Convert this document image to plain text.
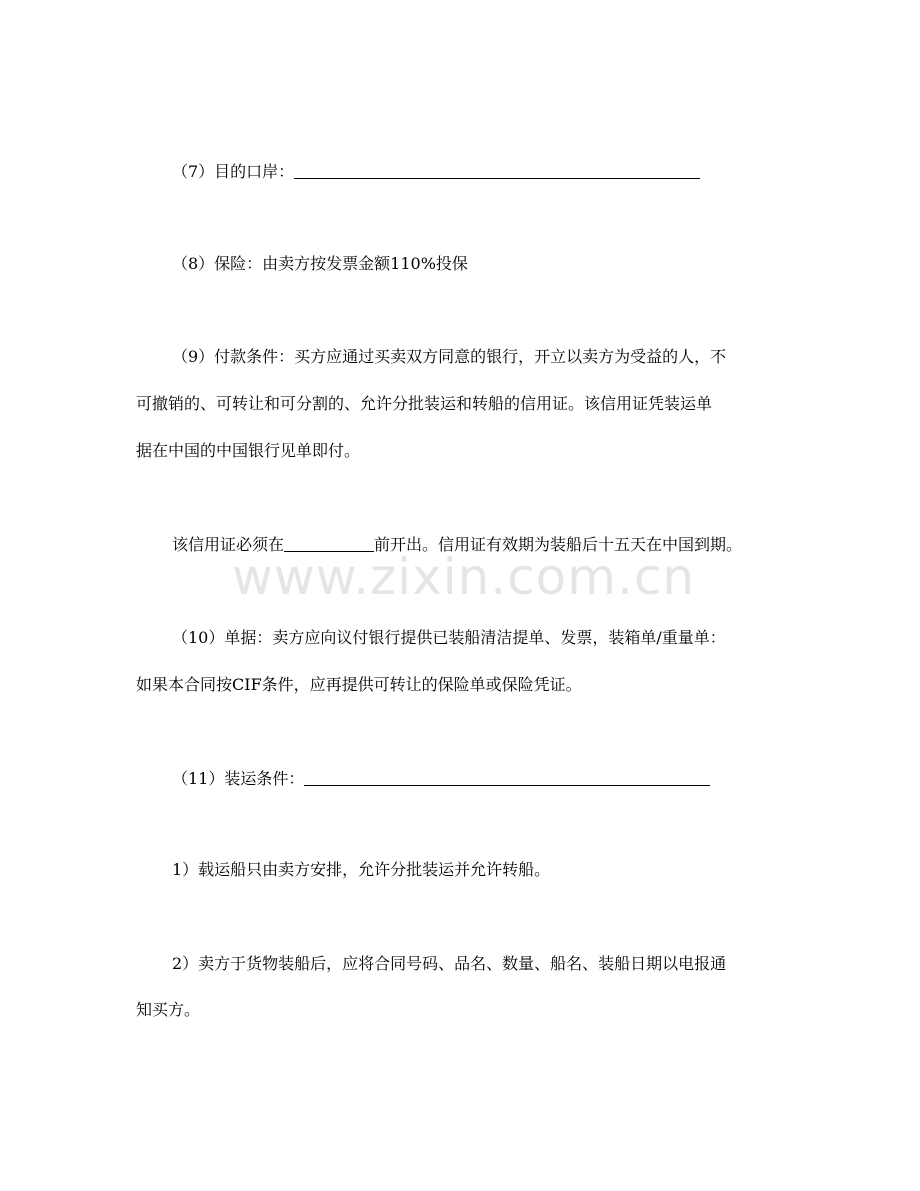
（7）目的口岸：
（8）保险：由卖方按发票金额110%投保
（9）付款条件：买方应通过买卖双方同意的银行，开立以卖方为受益的人，不
可撤销的、可转让和可分割的、允许分批装运和转船的信用证。该信用证凭装运单
据在中国的中国银行见单即付。
该信用证必须在	前开出。信用证有效期为装船后十五天在中国到期。
（10）单据：卖方应向议付银行提供已装船清洁提单、发票，装箱单/重量单：
如果本合同按CIF条件，应再提供可转让的保险单或保险凭证。
（11）装运条件：
1）载运船只由卖方安排，允许分批装运并允许转船。
2）卖方于货物装船后，应将合同号码、品名、数量、船名、装船日期以电报通
知买方。
www.zixin.com.cn
